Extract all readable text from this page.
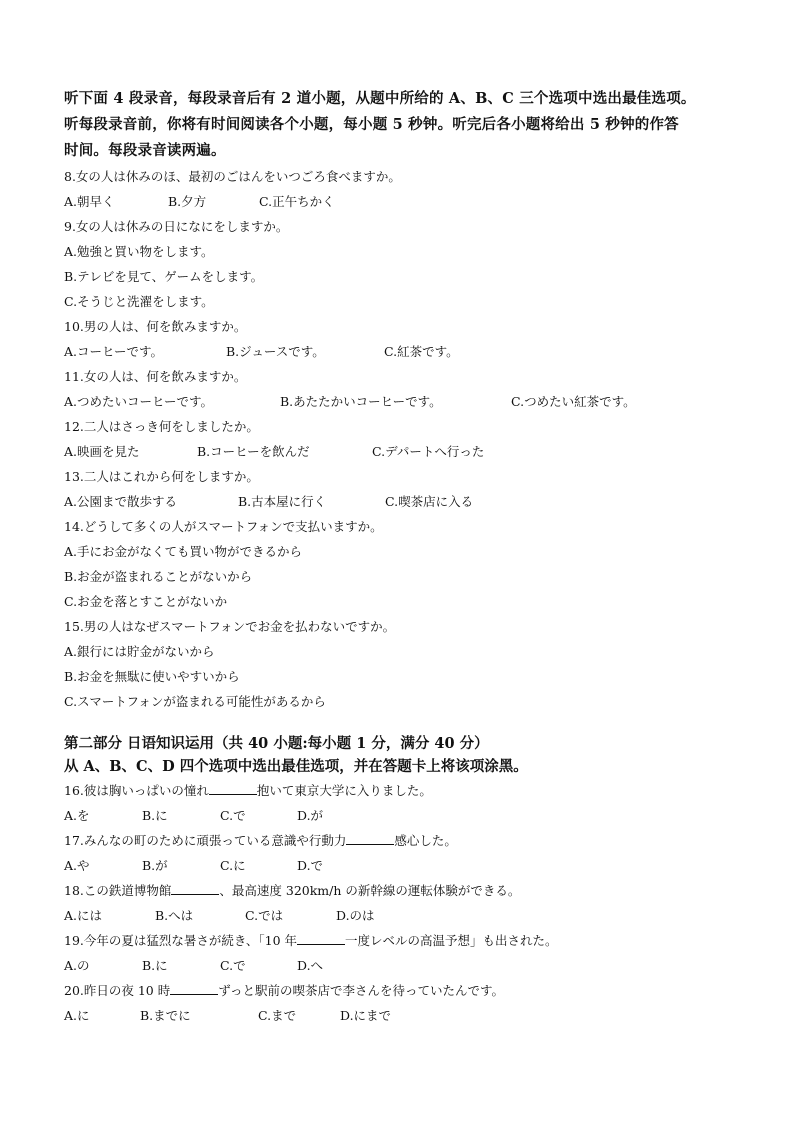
听下面 4 段录音，每段录音后有 2 道小题，从题中所给的 A、B、C 三个选项中选出最佳选项。

听每段录音前，你将有时间阅读各个小题，每小题 5 秒钟。听完后各小题将给出 5 秒钟的作答

时间。每段录音读两遍。

8.女の人は休みのほ、最初のごはんをいつごろ食べますか。
A.朝早く	B.夕方	C.正午ちかく
9.女の人は休みの日になにをしますか。
A.勉強と買い物をします。
B.テレビを見て、ゲームをします。
C.そうじと洗濯をします。
10.男の人は、何を飲みますか。
A.コーヒーです。	B.ジュースです。	C.紅茶です。
11.女の人は、何を飲みますか。
A.つめたいコーヒーです。	B.あたたかいコーヒーです。	C.つめたい紅茶です。
12.二人はさっき何をしましたか。
A.映画を見た	B.コーヒーを飲んだ	C.デパートへ行った
13.二人はこれから何をしますか。
A.公園まで散歩する	B.古本屋に行く	C.喫茶店に入る
14.どうして多くの人がスマートフォンで支払いますか。
A.手にお金がなくても買い物ができるから
B.お金が盗まれることがないから
C.お金を落とすことがないか
15.男の人はなぜスマートフォンでお金を払わないですか。
A.銀行には貯金がないから
B.お金を無駄に使いやすいから
C.スマートフォンが盗まれる可能性があるから
第二部分 日语知识运用（共 40 小题:每小题 1 分，满分 40 分）
从 A、B、C、D 四个选项中选出最佳选项，并在答题卡上将该项涂黑。
16.彼は胸いっぱいの憧れ	抱いて東京大学に入りました。
A.を	B.に	C.で	D.が
17.みんなの町のために頑張っている意識や行動力	感心した。
A.や	B.が	C.に	D.で
18.この鉄道博物館	、最高速度 320km/h の新幹線の運転体験ができる。
A.には	B.へは	C.では	D.のは
19.今年の夏は猛烈な暑さが続き、「10 年	一度レベルの高温予想」も出された。
A.の	B.に	C.で	D.へ
20.昨日の夜 10 時	ずっと駅前の喫茶店で李さんを待っていたんです。
A.に	B.までに	C.まで	D.にまで
